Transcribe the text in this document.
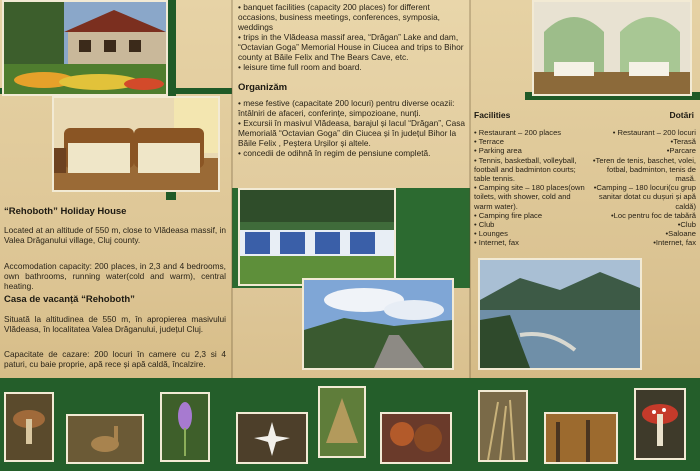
“Rehoboth” Holiday House

Located at an altitude of 550 m, close to Vlădeasa massif, in Valea Drăganului village, Cluj county.

Accomodation capacity: 200 places, in 2,3 and 4 bedrooms, own bathrooms, running water(cold and warm), central heating.

Casa de vacanță “Rehoboth”

Situată la altitudinea de 550 m, în apropierea masivului Vlădeasa, în localitatea Valea Drăganului, județul Cluj.

Capacitate de cazare: 200 locuri în camere cu 2,3 si 4 paturi, cu baie proprie, apă rece și apă caldă, încalzire.

• banquet facilities (capacity 200 places) for different occasions, business meetings, conferences, symposia, weddings
• trips in the Vlădeasa massif area, “Drăgan” Lake and dam, “Octavian Goga” Memorial House in Ciucea and trips to Bihor county at Băile Felix and The Bears Cave, etc.
• leisure time full room and board.

Organizăm

• mese festive (capacitate 200 locuri) pentru diverse ocazii: întâlniri de afaceri, conferințe, simpozioane, nunți.
• Excursii în masivul Vlădeasa, barajul și lacul “Drăgan”, Casa Memorială “Octavian Goga” din Ciucea și în județul Bihor la Băile Felix , Peștera Urșilor și altele.
• concedii de odihnă în regim de pensiune completă.

Facilities	Dotări

• Restaurant – 200 places
• Terrace
• Parking area
• Tennis, basketball, volleyball, football and badminton courts; table tennis.
• Camping site – 180 places(own toilets, with shower, cold and warm water).
• Camping fire place
• Club
• Lounges
• Internet, fax
• Restaurant – 200 locuri
•Terasă
•Parcare
•Teren de tenis, baschet, volei, fotbal, badminton, tenis de masă.
•Camping – 180 locuri(cu grup sanitar dotat cu dușuri și apă caldă)
•Loc pentru foc de tabără
•Club
•Saloane
•Internet, fax
